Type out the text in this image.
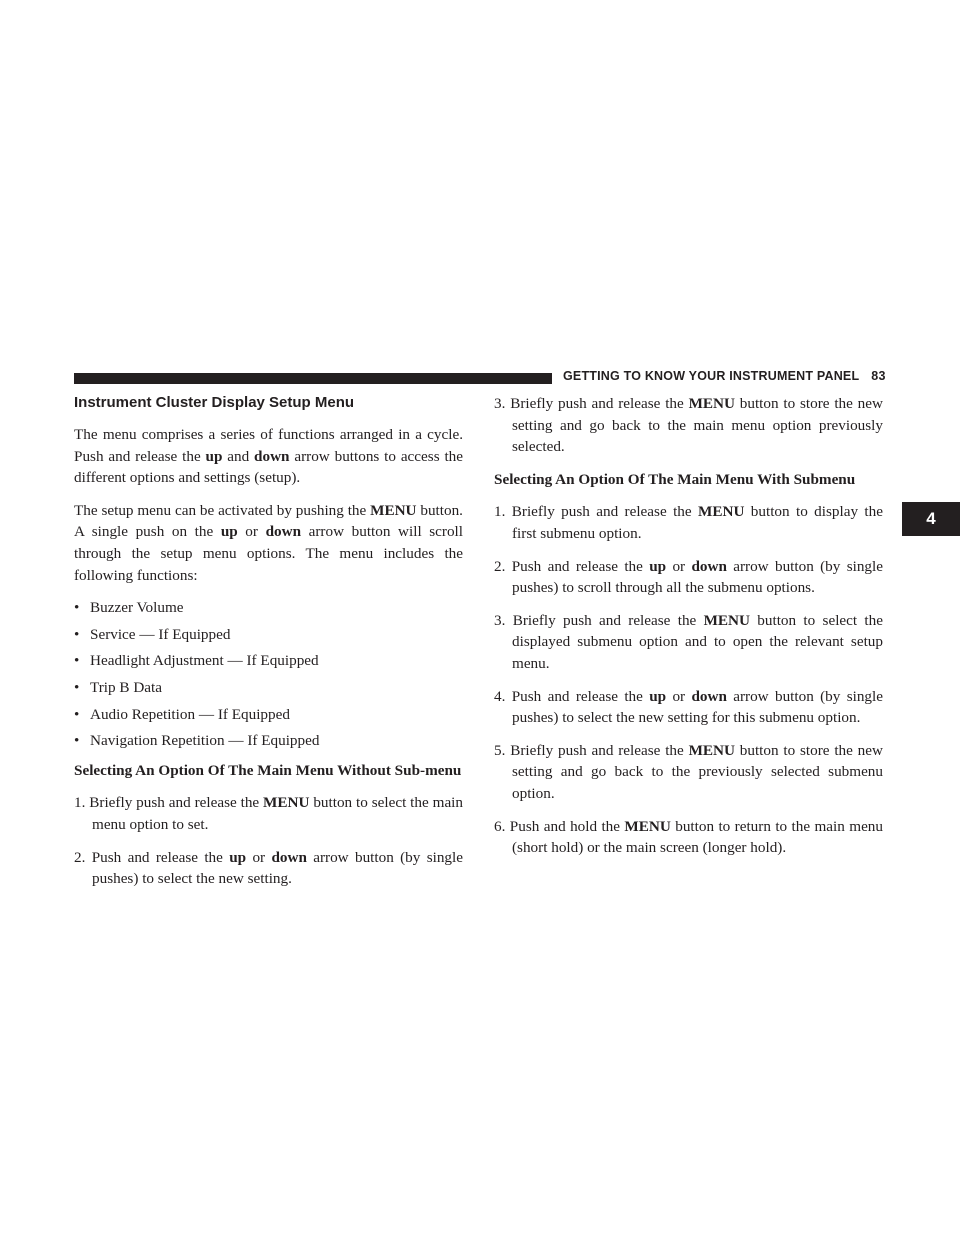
GETTING TO KNOW YOUR INSTRUMENT PANEL 83
4
Instrument Cluster Display Setup Menu

The menu comprises a series of functions arranged in a cycle. Push and release the up and down arrow buttons to access the different options and settings (setup).

The setup menu can be activated by pushing the MENU button. A single push on the up or down arrow button will scroll through the setup menu options. The menu includes the following functions:

• Buzzer Volume
• Service — If Equipped
• Headlight Adjustment — If Equipped
• Trip B Data
• Audio Repetition — If Equipped
• Navigation Repetition — If Equipped
Selecting An Option Of The Main Menu Without Sub-menu
1. Briefly push and release the MENU button to select the main menu option to set.
2. Push and release the up or down arrow button (by single pushes) to select the new setting.
3. Briefly push and release the MENU button to store the new setting and go back to the main menu option previously selected.
Selecting An Option Of The Main Menu With Submenu
1. Briefly push and release the MENU button to display the first submenu option.
2. Push and release the up or down arrow button (by single pushes) to scroll through all the submenu options.
3. Briefly push and release the MENU button to select the displayed submenu option and to open the relevant setup menu.
4. Push and release the up or down arrow button (by single pushes) to select the new setting for this submenu option.
5. Briefly push and release the MENU button to store the new setting and go back to the previously selected submenu option.
6. Push and hold the MENU button to return to the main menu (short hold) or the main screen (longer hold).
